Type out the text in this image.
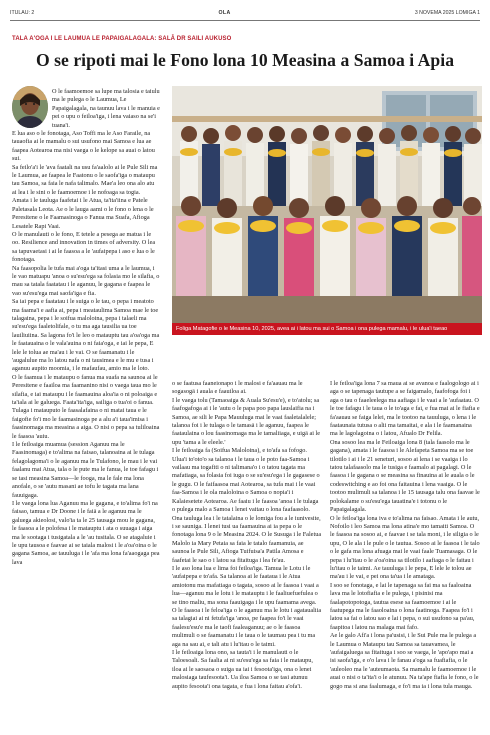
ITULAU: 2	OLA	3 NOVEMA 2025 LOMIGA 1
TALA A'OGA I LE LAUMUA LE PAPAIGALAGALA: SALĀ DR SAILI AUKUSO
O se ripoti mai le Fono lona 10 Measina a Samoa i Apia

O le faamoemoe sa lupe ma talosia e taiulu ma le pulega o le Laumua, Le Papaigalagala, na taunuu lava i le manuia e pei o upu o feiloa'iga, i lena vaiaso na se'i tuana'i.

E lua aso o le fonotaga, Aso Toffi ma le Aso Faraile, na tauaofia ai le mamalu o sui usufono mai Samoa e lua ae faapea Aotearoa ma nisi vaega o le kelope sa auai o latou sui.

Sa feilo'a'i le 'ava faatali na usu fa'aalolo ai le Pule Sili ma le Laumua, ae faapea le Faatonu o le saofa'iga o mataupu tau Samoa, sa faia le nafa talimalo. Mae'a leo ona alo atu ai lea i le sini o le faamoemoe i le nofoaga sa togia.

Amata i le tauluga faafetai i le Atua, ta'ita'iina e Patele Paletasala Leota. Ae o le lauga aami o le fono o lena o le Peresitene o le Faamasinoga o Fanua ma Suafa, Afioga Lesatele Rapi Vaai.

O le manulauti o le fono, E tetele a pesega ae matua i le oo. Resilience and innovation in times of adversity. O lea sa tapuvaetasi i ai le faasoa a le 'aufaipepa i aso e lua o le fonotaga.

Na faasopolia le tufa mai a'oga ta'itasi uma a le laumua, i le vao matuapu 'anoa o su'esu'ega sa folasia mo le silafia, o mau sa tatala faatatau i le aganuu, le gagana e faapea le vao su'esu'ega mai saofa'iga e fia.

Sa iai pepa e faatatau i le suiga o le tau, o pepa i meatoto ma faama'i e aafia ai, pepa i meataulima Samoa mae le toe talagaina, pepa i le soifua maloloina, pepa i talaeli ma su'esu'ega faaletolifale, o tu ma aga tausilia ua toe lauiliuiina. Sa lagona fo'i le leo o matauptu tau a'oa'oga ma le faatauaina o le vala'auina o ni faia'oga, e iai le pepa, E lele le tolua ae ma'au i le vai. O se faamanatu i le 'augalulue ma lo latou nafa o ni tausimea e le mu e tusa i aganuu aupito moomia, i le mafaufau, amio ma le loto.

O le faamua i le mataupu o fanua ma suafa na saunoa ai le Peresitene e faailoa ma faamanino nisi o vaega taua mo le silafia, e iai mataupu i le faamauina aloa'ia o ni poloaiga e ta'iala ai le galuega. Faata'ita'iga, sailiga o tua'oi o fanua. Tulaga i matauputo le faasalafaina o ni matai taua e le faigofie fo'i mo le faamasinoga pe a alu a'i taua'imisa i faasinomaga ma measina a aiga. O nisi o pepa sa tuliloaina le faasoa 'auiu.

I le feiloaiga muamua (session Aganuu ma le Faasinomaga) e to'alima na faisao, talanoaina ai le tulaga felagolagoma'i o le aganuu ma le Tulafono, le mau i le vai faalanu mai Atua, tala o le pute ma le fanua, le toe fafagu i se tasi measina Samoa—le fooga, ma le fale ma lona anofale, o se 'autu masani ae tofu le tagata ma lana fauuigaga.

I le vaega lona lua Aganuu ma le gagana, e to'alima fo'i na faisao, tamua e Dr Doone i le faiā a le aganuu ma le galuega akieolosi, valo'ia ta le 25 tausaga mou le gagana, le faasoa a le polofesa i le matauptu i ata o suuaga i aiga ma le sootaga i tusigatala a le 'au tusitala. O se atagaluie i le upu tausoa e faavae ai se taiala malosi i le a'oa'oina o le gagana Samoa, ae tauuluga i le 'afa ma lona fa'aaogaga pea lava

Foliga Matagofie o le Measina 10, 2025, avea ai i latou ma sui o Samoa i ona pulega mamalu, i le ulua'i taeao

o se faatusa faaneionapo i le malosi e fa'aauau ma le sogasogā i auala e faauiloa ai.

I le vaega tolu (Tamaoaiga & Auala Su'esu'e), e to'atolu; sa faafogafoga ai i le 'autu o le papa poo papa lauslaifia na i Samoa, ae sili le Papa Mauuluga mai le vaai faaletalalele; talanoa foi i le tulaga o le tamasā i le aganuu, faapea le faataulaina o lou faasinomaga ma le tamaliiaga, e uigā ai le upu 'tama a le eleele.'

I le feiloaiga fa (Soifua Maloloina), e to'afa sa fofogo. Ulua'i to'oto'o sa talanoa i le taua o le poto faa-Samoa i vailaau ma togafiti o ni talimana'o i o tatou tagata ma mafatiaga, sa folasia foi iuga o se su'esu'ega i le gagasese o le gugu. O le faifaasoa mai Aotearoa, sa tufa mai i le vaai faa-Samoa i le ola maloloina o Samoa o nopia'i i Kalaiesetete Aotearoa. Ae faaiu i le faasoa 'anoa i le tulaga o pulega malo a Samoa i lenei vaitau o lona faafaasolo.

Ona tauluga lea i le tatalaina o le lomiga fou a le iunivesite, i se sauniga. I lenei tusi ua faamauina ai ia pepa o le fonotaga lona 9 o le Measina 2024. O le Susuga i le Faletua Malolo ia Mary Petaia sa faia le tatalo faamanuia, ae saunoa le Pule Sili, Afioga Tuifuisa'a Patila Amosa e faafetai le sao o i latou sa fitaituga i lea fe'au.

I le aso lona lua e lima foi feiloa'iga. Tamua le Lotu i le 'aufaipepa e to'afa. Sa talanoa ai le faataua i le Atua amiotonu ma mafatiaga o tagata, sosoo ai le faasoa i vaai a lua—aganuu ma le lotu i le matauptu i le faaliuefuefulea o se tino maliu, ma sona faauigaga i le upu faamama avega. O le faasoa i le feloa'iga o le aganuu ma le lotu i agataualiia sa talagiai ai ni fetufa'iga 'anoa, pe faapea fo'i le vaai faalesu'esu'e ma le taofi faaleaganuu; ae o le faasoa mulimuli o se faamanatu i le taua o le taumau pea i tu ma aga na sau ai, e tali atu i lu'itau o le taimi.

I le feiloaiga lona ono, sa tauta'i i le manulauti o le Taloesoali. Sa faalia ai ni su'esu'ega sa faia i le mataupu, iloa ai le saosaoa o suiga ua iai i fesoota'iga, ona o lenei malosiaga taufesoota'i. Ua iloa Samoa o se tasi atunuu aupito fesoota'i ona tagata, e fua i lona faitau a'ofa'i.

I le feiloa'iga lona 7 sa maua ai se avanoa e faalogologo ai i aga o se tapenaga tautupe a se faigamalo, faafofoga foi i aga o tau o faaeleelega ma aafiaga i le vaai a le 'aufaatau. O le toe fafagu i le taua o le to'aga e fai, e fua mai ai le fiafia e fa'aauau se faiga lelei, ma le tootoo na tauuluga, o lena i le faataunaia tutusa o alii ma tamaitai, e ala i le faamanaina ma le lagolagoina o i latou, Afualo Dr Felila.

Ona sosoo lea ma le Feiloaiga lona 8 (tala faasolo ma le gagana), amata i le faasoa i le Alefapeta Samoa ma se toe tilotilo i ai i le 21 seneturi, sosoo ai lena i se vaaiga i lo tatou talafaasolo ma le tusiga e faamalo ai pagalagi. O le faasoa i le gagana o se measina sa finauina ai le auala o le codeswitching e ao foi ona faitauina i lena vaaiga. O le tootoo mulimuli sa talanoa i le 15 tausaga talu ona faavae le polokalame o su'esu'ega tauatina'e i totonu o le Papaigalagala.

O le feiloa'iga lona iva e to'alima na faisao. Amata i le autu, Nofoilo i leo Samoa ma lona atina'e mo tamaiti Samoa. O le faasoa na sosoo ai, e faavae i se tala moni, i le siligia o le upu, O le ala i le pule o le tautua. Sosoo ai le faasoa i le talo o le gafa ma lona afuaga mai le vaai faale Tuamasaga. O le pepa i lu'itau o le a'oa'oina sa tilotilo i aafiaga o le faitau i lu'itau o le taimi. Ae tauuluga i le pepa, E lele le tolou ae ma'au i le vai, e pei ona ta'ua i le amataga.

I soo se fonotaga, e lai le tapenaga sa fai ma sa faaloaina lava ma le lotofiafia e le pulega, i pisinisi ma faalapotopotoga, tautua esese sa faamoemoe i ai le faatupega ma le faaoloaina o lona faatinoga. Faapea fo'i i latou sa fai o latou sao e lai i pepa, o sui usufono sa pa'au, faapitoa i latou na malaga mai fafo.

Ae le galo Afi'a i lona pa'usisi, i le Sui Pule ma le pulega a le Laumua o Mataupu tau Samoa sa tauavamea, le 'aufaigaluega sa fitaituga i soo se vaega, le 'apo'apo mai a isi saofa'iga, e o'o lava i le fanau a'oga sa fuafiafia, o le 'auleoleo ma le 'auteumaota. Sa mamalu le faamoemoe i le auai o nisi o ta'ita'i o le atunuu. Na ta'ape fiafia le fono, o le gogo ma si ana faalumaga, e fo'i ma ia i lona tula mauga.
